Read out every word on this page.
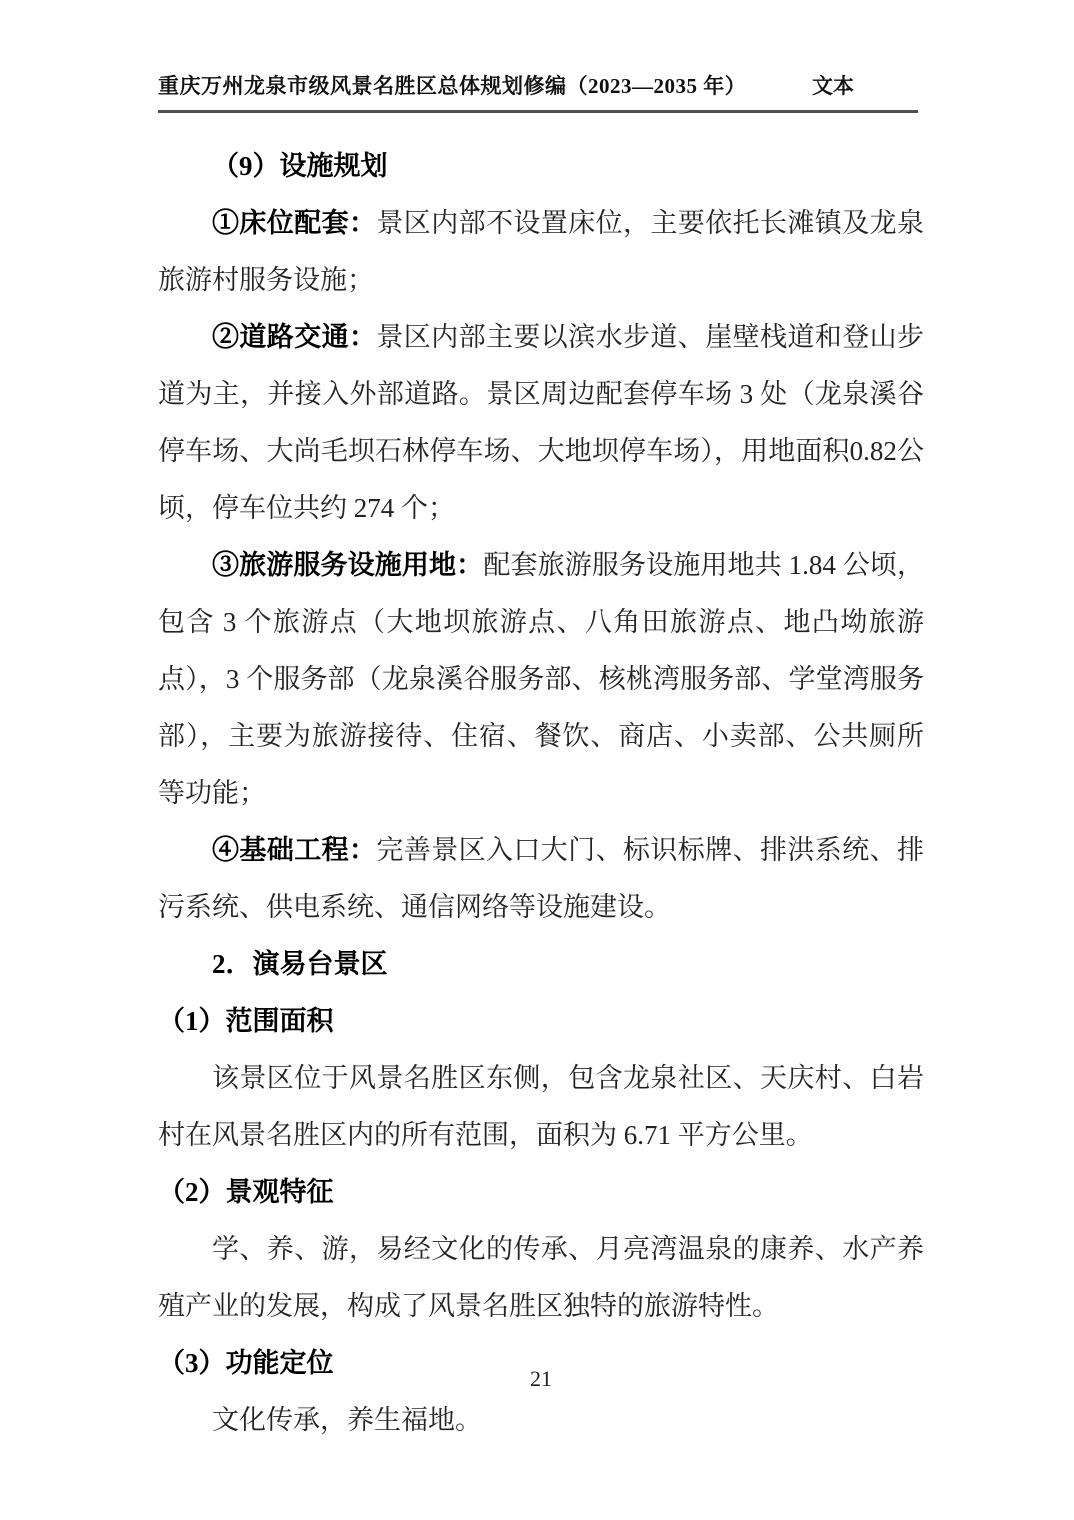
重庆万州龙泉市级风景名胜区总体规划修编（2023—2035 年）	文本

（9）设施规划

①床位配套：景区内部不设置床位，主要依托长滩镇及龙泉旅游村服务设施；

②道路交通：景区内部主要以滨水步道、崖壁栈道和登山步道为主，并接入外部道路。景区周边配套停车场 3 处（龙泉溪谷停车场、大尚毛坝石林停车场、大地坝停车场），用地面积0.82公顷，停车位共约 274 个；

③旅游服务设施用地：配套旅游服务设施用地共 1.84 公顷，包含 3 个旅游点（大地坝旅游点、八角田旅游点、地凸坳旅游点），3 个服务部（龙泉溪谷服务部、核桃湾服务部、学堂湾服务部），主要为旅游接待、住宿、餐饮、商店、小卖部、公共厕所等功能；

④基础工程：完善景区入口大门、标识标牌、排洪系统、排污系统、供电系统、通信网络等设施建设。

2．演易台景区

（1）范围面积

该景区位于风景名胜区东侧，包含龙泉社区、天庆村、白岩村在风景名胜区内的所有范围，面积为 6.71 平方公里。

（2）景观特征

学、养、游，易经文化的传承、月亮湾温泉的康养、水产养殖产业的发展，构成了风景名胜区独特的旅游特性。

（3）功能定位

文化传承，养生福地。

21
